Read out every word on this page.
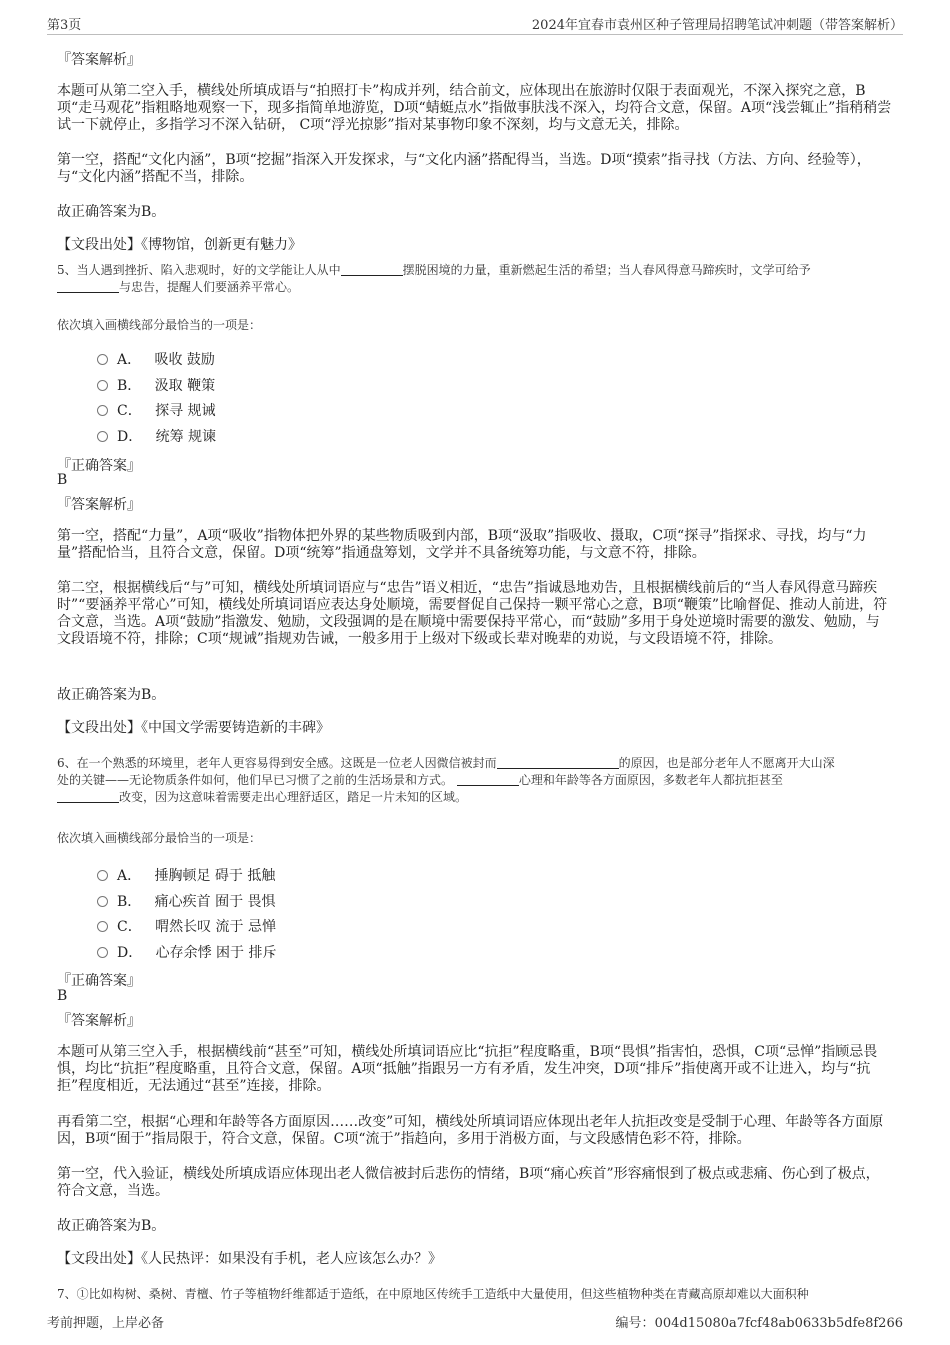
第3页	2024年宜春市袁州区种子管理局招聘笔试冲刺题（带答案解析）
『答案解析』
本题可从第二空入手，横线处所填成语与“拍照打卡”构成并列，结合前文，应体现出在旅游时仅限于表面观光，不深入探究之意，B项“走马观花”指粗略地观察一下，现多指简单地游览，D项“蜻蜓点水”指做事肤浅不深入，均符合文意，保留。A项“浅尝辄止”指稍稍尝试一下就停止，多指学习不深入钻研， C项“浮光掠影”指对某事物印象不深刻，均与文意无关，排除。
第一空，搭配“文化内涵”，B项“挖掘”指深入开发探求，与“文化内涵”搭配得当，当选。D项“摸索”指寻找（方法、方向、经验等），与“文化内涵”搭配不当，排除。
故正确答案为B。
【文段出处】《博物馆，创新更有魅力》
5、当人遇到挫折、陷入悲观时，好的文学能让人从中	摆脱困境的力量，重新燃起生活的希望；当人春风得意马蹄疾时，文学可给予
与忠告，提醒人们要涵养平常心。
依次填入画横线部分最恰当的一项是：
A． 吸收 鼓励
B． 汲取 鞭策
C． 探寻 规诫
D． 统筹 规谏
『正确答案』
B
『答案解析』
第一空，搭配“力量”，A项“吸收”指物体把外界的某些物质吸到内部，B项“汲取”指吸收、摄取，C项“探寻”指探求、寻找，均与“力量”搭配恰当，且符合文意，保留。D项“统筹”指通盘筹划，文学并不具备统筹功能，与文意不符，排除。
第二空，根据横线后“与”可知，横线处所填词语应与“忠告”语义相近，“忠告”指诚恳地劝告，且根据横线前后的“当人春风得意马蹄疾时”“要涵养平常心”可知，横线处所填词语应表达身处顺境，需要督促自己保持一颗平常心之意，B项“鞭策”比喻督促、推动人前进，符合文意，当选。A项“鼓励”指激发、勉励，文段强调的是在顺境中需要保持平常心，而“鼓励”多用于身处逆境时需要的激发、勉励，与文段语境不符，排除；C项“规诫”指规劝告诫，一般多用于上级对下级或长辈对晚辈的劝说，与文段语境不符，排除。
故正确答案为B。
【文段出处】《中国文学需要铸造新的丰碑》
6、在一个熟悉的环境里，老年人更容易得到安全感。这既是一位老人因微信被封而	的原因，也是部分老年人不愿离开大山深
处的关键——无论物质条件如何，他们早已习惯了之前的生活场景和方式。	心理和年龄等各方面原因，多数老年人都抗拒甚至
改变，因为这意味着需要走出心理舒适区，踏足一片未知的区域。
依次填入画横线部分最恰当的一项是：
A． 捶胸顿足 碍于 抵触
B． 痛心疾首 囿于 畏惧
C． 喟然长叹 流于 忌惮
D． 心存余悸 困于 排斥
『正确答案』
B
『答案解析』
本题可从第三空入手，根据横线前“甚至”可知，横线处所填词语应比“抗拒”程度略重，B项“畏惧”指害怕，恐惧，C项“忌惮”指顾忌畏惧，均比“抗拒”程度略重，且符合文意，保留。A项“抵触”指跟另一方有矛盾，发生冲突，D项“排斥”指使离开或不让进入，均与“抗拒”程度相近，无法通过“甚至”连接，排除。
再看第二空，根据“心理和年龄等各方面原因……改变”可知，横线处所填词语应体现出老年人抗拒改变是受制于心理、年龄等各方面原因，B项“囿于”指局限于，符合文意，保留。C项“流于”指趋向，多用于消极方面，与文段感情色彩不符，排除。
第一空，代入验证，横线处所填成语应体现出老人微信被封后悲伤的情绪，B项“痛心疾首”形容痛恨到了极点或悲痛、伤心到了极点，符合文意，当选。
故正确答案为B。
【文段出处】《人民热评：如果没有手机，老人应该怎么办？》
7、①比如构树、桑树、青檀、竹子等植物纤维都适于造纸，在中原地区传统手工造纸中大量使用，但这些植物种类在青藏高原却难以大面积种
考前押题，上岸必备	编号：004d15080a7fcf48ab0633b5dfe8f266
